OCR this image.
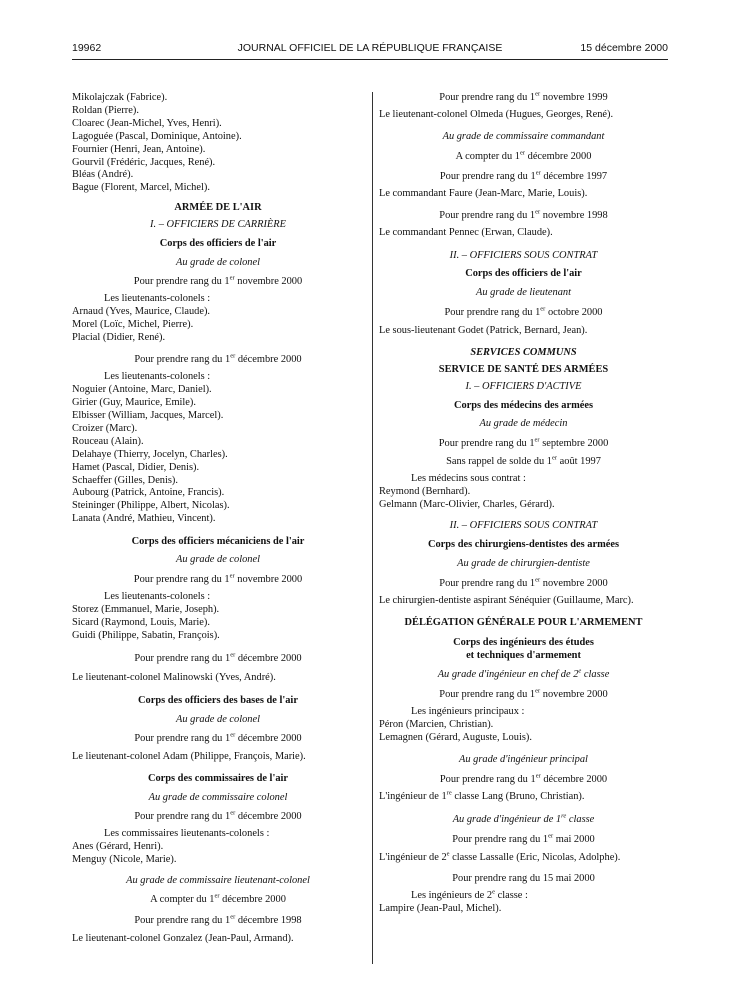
19962	JOURNAL OFFICIEL DE LA RÉPUBLIQUE FRANÇAISE	15 décembre 2000
Mikolajczak (Fabrice).
Roldan (Pierre).
Cloarec (Jean-Michel, Yves, Henri).
Lagoguée (Pascal, Dominique, Antoine).
Fournier (Henri, Jean, Antoine).
Gourvil (Frédéric, Jacques, René).
Bléas (André).
Bague (Florent, Marcel, Michel).
ARMÉE DE L'AIR
I. – OFFICIERS DE CARRIÈRE
Corps des officiers de l'air
Au grade de colonel
Pour prendre rang du 1er novembre 2000
Les lieutenants-colonels :
Arnaud (Yves, Maurice, Claude).
Morel (Loïc, Michel, Pierre).
Placial (Didier, René).
Pour prendre rang du 1er décembre 2000
Les lieutenants-colonels :
Noguier (Antoine, Marc, Daniel).
Girier (Guy, Maurice, Emile).
Elbisser (William, Jacques, Marcel).
Croizer (Marc).
Rouceau (Alain).
Delahaye (Thierry, Jocelyn, Charles).
Hamet (Pascal, Didier, Denis).
Schaeffer (Gilles, Denis).
Aubourg (Patrick, Antoine, Francis).
Steininger (Philippe, Albert, Nicolas).
Lanata (André, Mathieu, Vincent).
Corps des officiers mécaniciens de l'air
Au grade de colonel
Pour prendre rang du 1er novembre 2000
Les lieutenants-colonels :
Storez (Emmanuel, Marie, Joseph).
Sicard (Raymond, Louis, Marie).
Guidi (Philippe, Sabatin, François).
Pour prendre rang du 1er décembre 2000
Le lieutenant-colonel Malinowski (Yves, André).
Corps des officiers des bases de l'air
Au grade de colonel
Pour prendre rang du 1er décembre 2000
Le lieutenant-colonel Adam (Philippe, François, Marie).
Corps des commissaires de l'air
Au grade de commissaire colonel
Pour prendre rang du 1er décembre 2000
Les commissaires lieutenants-colonels :
Anes (Gérard, Henri).
Menguy (Nicole, Marie).
Au grade de commissaire lieutenant-colonel
A compter du 1er décembre 2000
Pour prendre rang du 1er décembre 1998
Le lieutenant-colonel Gonzalez (Jean-Paul, Armand).
Pour prendre rang du 1er novembre 1999
Le lieutenant-colonel Olmeda (Hugues, Georges, René).
Au grade de commissaire commandant
A compter du 1er décembre 2000
Pour prendre rang du 1er décembre 1997
Le commandant Faure (Jean-Marc, Marie, Louis).
Pour prendre rang du 1er novembre 1998
Le commandant Pennec (Erwan, Claude).
II. – OFFICIERS SOUS CONTRAT
Corps des officiers de l'air
Au grade de lieutenant
Pour prendre rang du 1er octobre 2000
Le sous-lieutenant Godet (Patrick, Bernard, Jean).
SERVICES COMMUNS
SERVICE DE SANTÉ DES ARMÉES
I. – OFFICIERS D'ACTIVE
Corps des médecins des armées
Au grade de médecin
Pour prendre rang du 1er septembre 2000
Sans rappel de solde du 1er août 1997
Les médecins sous contrat :
Reymond (Bernhard).
Gelmann (Marc-Olivier, Charles, Gérard).
II. – OFFICIERS SOUS CONTRAT
Corps des chirurgiens-dentistes des armées
Au grade de chirurgien-dentiste
Pour prendre rang du 1er novembre 2000
Le chirurgien-dentiste aspirant Sénéquier (Guillaume, Marc).
DÉLÉGATION GÉNÉRALE POUR L'ARMEMENT
Corps des ingénieurs des études
et techniques d'armement
Au grade d'ingénieur en chef de 2e classe
Pour prendre rang du 1er novembre 2000
Les ingénieurs principaux :
Péron (Marcien, Christian).
Lemagnen (Gérard, Auguste, Louis).
Au grade d'ingénieur principal
Pour prendre rang du 1er décembre 2000
L'ingénieur de 1re classe Lang (Bruno, Christian).
Au grade d'ingénieur de 1re classe
Pour prendre rang du 1er mai 2000
L'ingénieur de 2e classe Lassalle (Eric, Nicolas, Adolphe).
Pour prendre rang du 15 mai 2000
Les ingénieurs de 2e classe :
Lampire (Jean-Paul, Michel).
